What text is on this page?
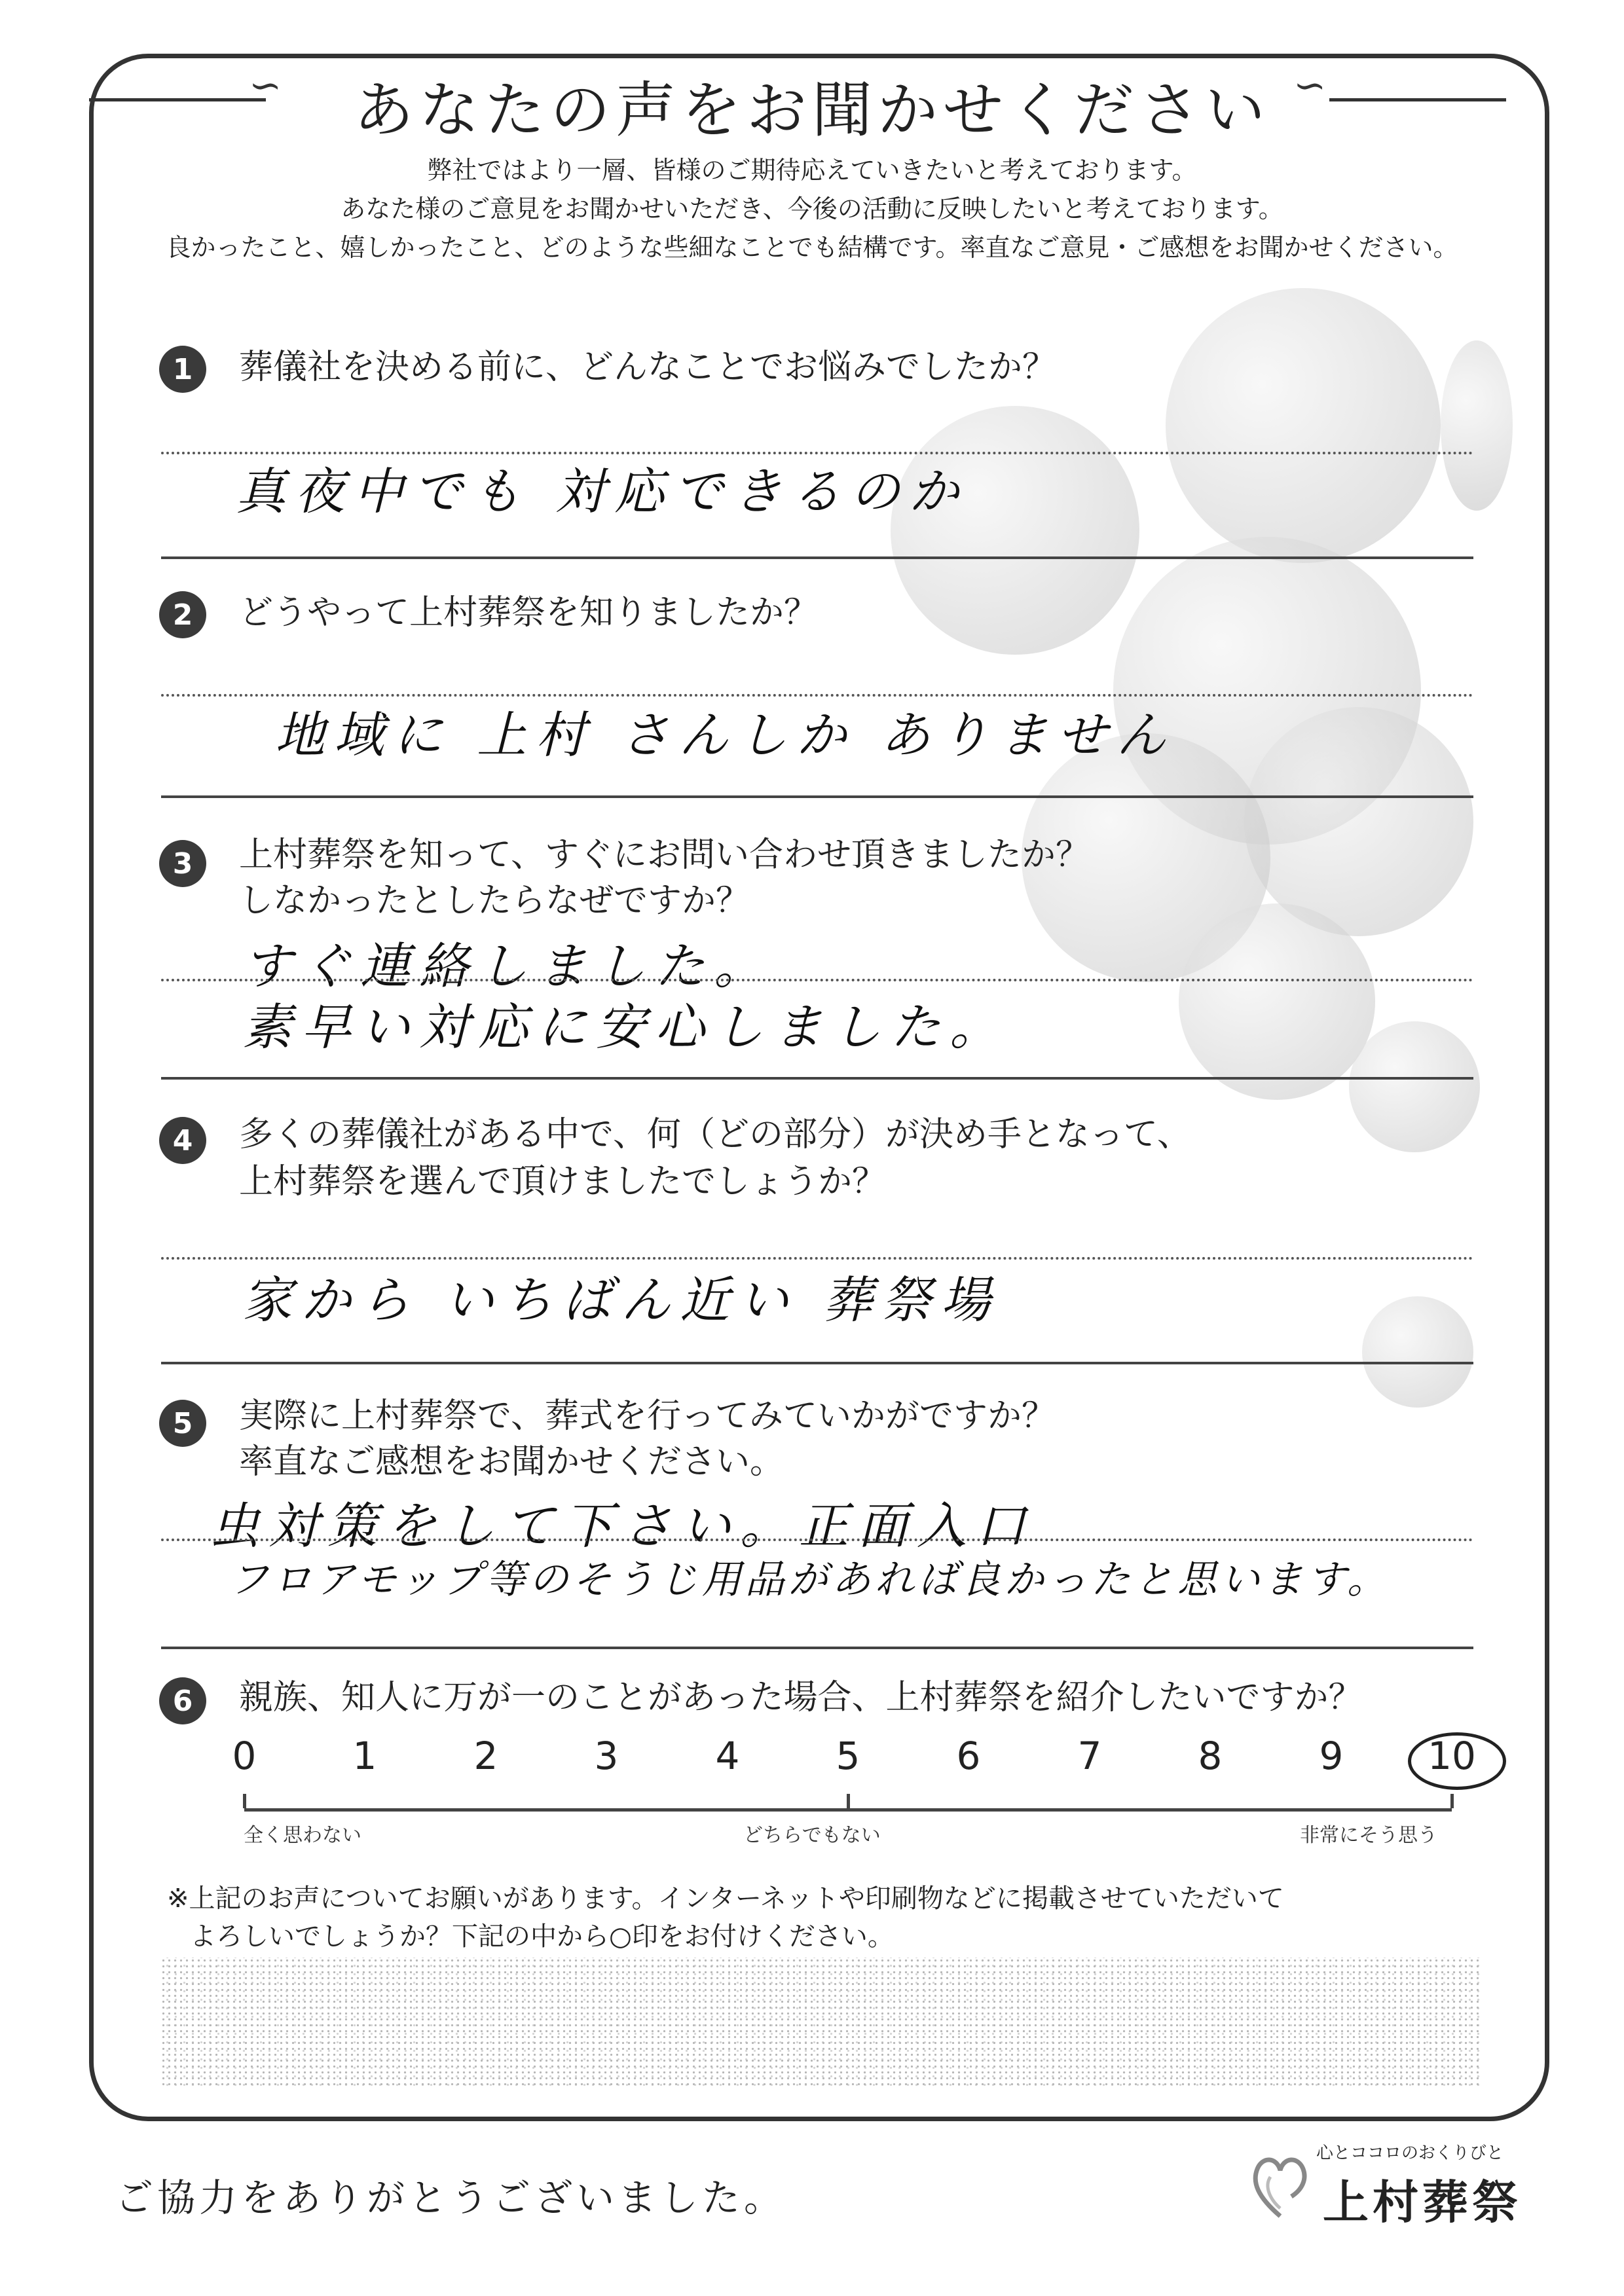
∽	∽
あなたの声をお聞かせください
弊社ではより一層、皆様のご期待応えていきたいと考えております。
あなた様のご意見をお聞かせいただき、今後の活動に反映したいと考えております。
良かったこと、嬉しかったこと、どのような些細なことでも結構です。率直なご意見・ご感想をお聞かせください。
1	葬儀社を決める前に、どんなことでお悩みでしたか？
真夜中でも 対応できるのか
2	どうやって上村葬祭を知りましたか？
地域に 上村 さんしか ありません
3	上村葬祭を知って、すぐにお問い合わせ頂きましたか？
しなかったとしたらなぜですか？
すぐ連絡しました。
素早い対応に安心しました。
4	多くの葬儀社がある中で、何（どの部分）が決め手となって、
上村葬祭を選んで頂けましたでしょうか？
家から いちばん近い 葬祭場
5	実際に上村葬祭で、葬式を行ってみていかがですか？
率直なご感想をお聞かせください。
虫対策をして下さい。正面入口
フロアモップ等のそうじ用品があれば良かったと思います。
6	親族、知人に万が一のことがあった場合、上村葬祭を紹介したいですか？
0	1	2	3	4	5	6	7	8	9	10
全く思わない	どちらでもない	非常にそう思う
※上記のお声についてお願いがあります。インターネットや印刷物などに掲載させていただいて
よろしいでしょうか？下記の中から○印をお付けください。
ご協力をありがとうございました。
心とココロのおくりびと
上村葬祭
